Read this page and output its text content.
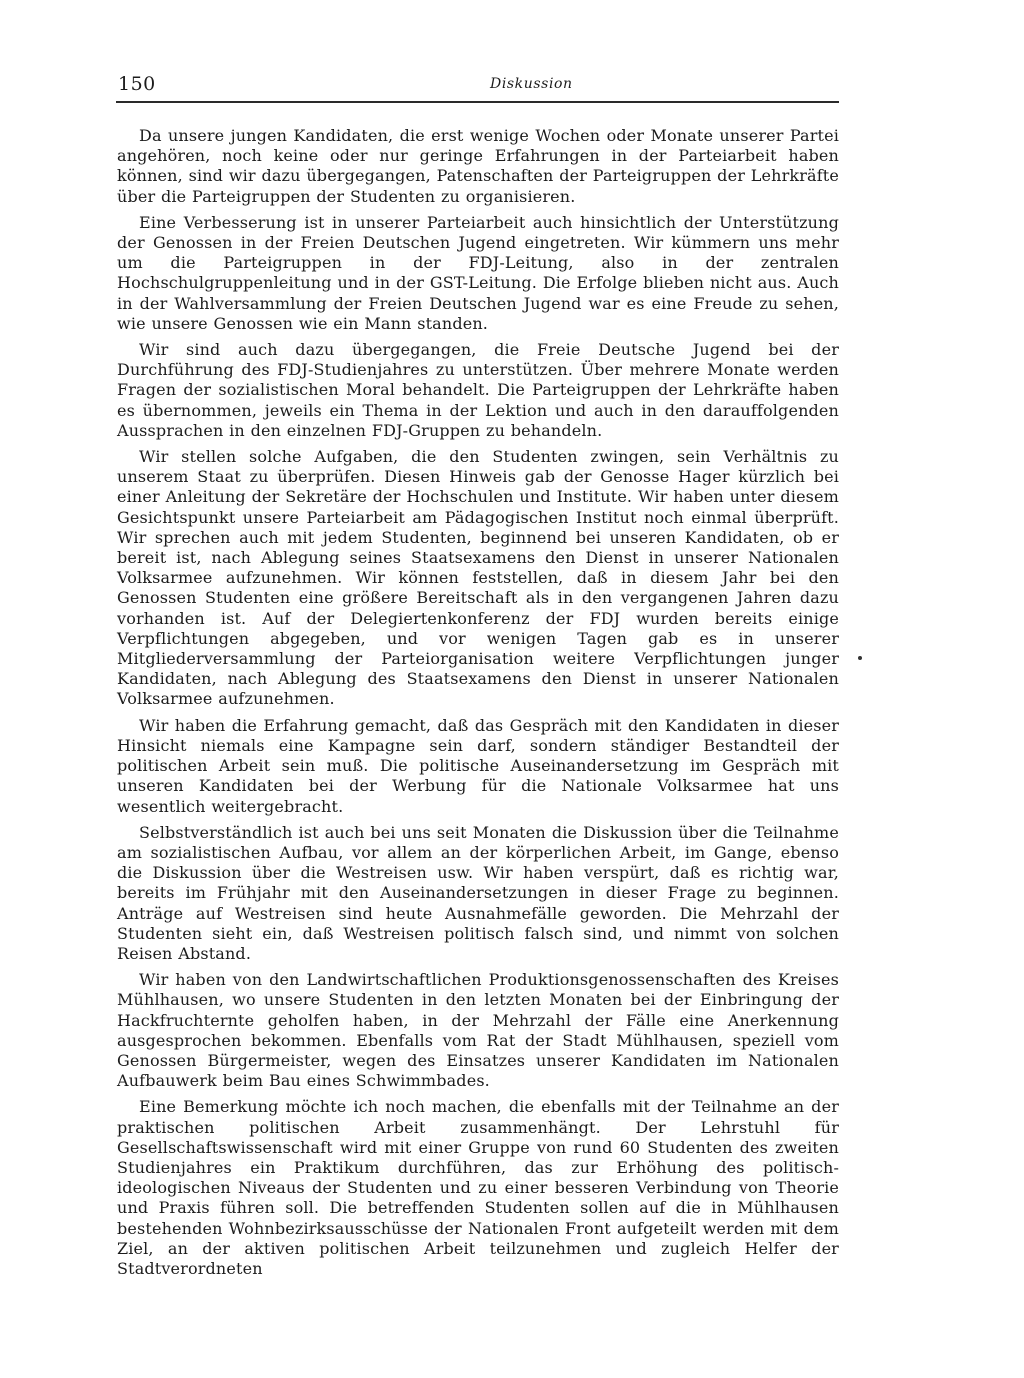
150	Diskussion

Da unsere jungen Kandidaten, die erst wenige Wochen oder Monate unserer Partei angehören, noch keine oder nur geringe Erfahrungen in der Parteiarbeit haben können, sind wir dazu übergegangen, Patenschaften der Parteigruppen der Lehrkräfte über die Parteigruppen der Studenten zu organisieren.

Eine Verbesserung ist in unserer Parteiarbeit auch hinsichtlich der Unterstützung der Genossen in der Freien Deutschen Jugend eingetreten. Wir kümmern uns mehr um die Parteigruppen in der FDJ-Leitung, also in der zentralen Hochschulgruppenleitung und in der GST-Leitung. Die Erfolge blieben nicht aus. Auch in der Wahlversammlung der Freien Deutschen Jugend war es eine Freude zu sehen, wie unsere Genossen wie ein Mann standen.

Wir sind auch dazu übergegangen, die Freie Deutsche Jugend bei der Durchführung des FDJ-Studienjahres zu unterstützen. Über mehrere Monate werden Fragen der sozialistischen Moral behandelt. Die Parteigruppen der Lehrkräfte haben es übernommen, jeweils ein Thema in der Lektion und auch in den darauffolgenden Aussprachen in den einzelnen FDJ-Gruppen zu behandeln.

Wir stellen solche Aufgaben, die den Studenten zwingen, sein Verhältnis zu unserem Staat zu überprüfen. Diesen Hinweis gab der Genosse Hager kürzlich bei einer Anleitung der Sekretäre der Hochschulen und Institute. Wir haben unter diesem Gesichtspunkt unsere Parteiarbeit am Pädagogischen Institut noch einmal überprüft. Wir sprechen auch mit jedem Studenten, beginnend bei unseren Kandidaten, ob er bereit ist, nach Ablegung seines Staatsexamens den Dienst in unserer Nationalen Volksarmee aufzunehmen. Wir können feststellen, daß in diesem Jahr bei den Genossen Studenten eine größere Bereitschaft als in den vergangenen Jahren dazu vorhanden ist. Auf der Delegiertenkonferenz der FDJ wurden bereits einige Verpflichtungen abgegeben, und vor wenigen Tagen gab es in unserer Mitgliederversammlung der Parteiorganisation weitere Verpflichtungen junger Kandidaten, nach Ablegung des Staatsexamens den Dienst in unserer Nationalen Volksarmee aufzunehmen.

Wir haben die Erfahrung gemacht, daß das Gespräch mit den Kandidaten in dieser Hinsicht niemals eine Kampagne sein darf, sondern ständiger Bestandteil der politischen Arbeit sein muß. Die politische Auseinandersetzung im Gespräch mit unseren Kandidaten bei der Werbung für die Nationale Volksarmee hat uns wesentlich weitergebracht.

Selbstverständlich ist auch bei uns seit Monaten die Diskussion über die Teilnahme am sozialistischen Aufbau, vor allem an der körperlichen Arbeit, im Gange, ebenso die Diskussion über die Westreisen usw. Wir haben verspürt, daß es richtig war, bereits im Frühjahr mit den Auseinandersetzungen in dieser Frage zu beginnen. Anträge auf Westreisen sind heute Ausnahmefälle geworden. Die Mehrzahl der Studenten sieht ein, daß Westreisen politisch falsch sind, und nimmt von solchen Reisen Abstand.

Wir haben von den Landwirtschaftlichen Produktionsgenossenschaften des Kreises Mühlhausen, wo unsere Studenten in den letzten Monaten bei der Einbringung der Hackfruchternte geholfen haben, in der Mehrzahl der Fälle eine Anerkennung ausgesprochen bekommen. Ebenfalls vom Rat der Stadt Mühlhausen, speziell vom Genossen Bürgermeister, wegen des Einsatzes unserer Kandidaten im Nationalen Aufbauwerk beim Bau eines Schwimmbades.

Eine Bemerkung möchte ich noch machen, die ebenfalls mit der Teilnahme an der praktischen politischen Arbeit zusammenhängt. Der Lehrstuhl für Gesellschaftswissenschaft wird mit einer Gruppe von rund 60 Studenten des zweiten Studienjahres ein Praktikum durchführen, das zur Erhöhung des politisch-ideologischen Niveaus der Studenten und zu einer besseren Verbindung von Theorie und Praxis führen soll. Die betreffenden Studenten sollen auf die in Mühlhausen bestehenden Wohnbezirksausschüsse der Nationalen Front aufgeteilt werden mit dem Ziel, an der aktiven politischen Arbeit teilzunehmen und zugleich Helfer der Stadtverordneten
